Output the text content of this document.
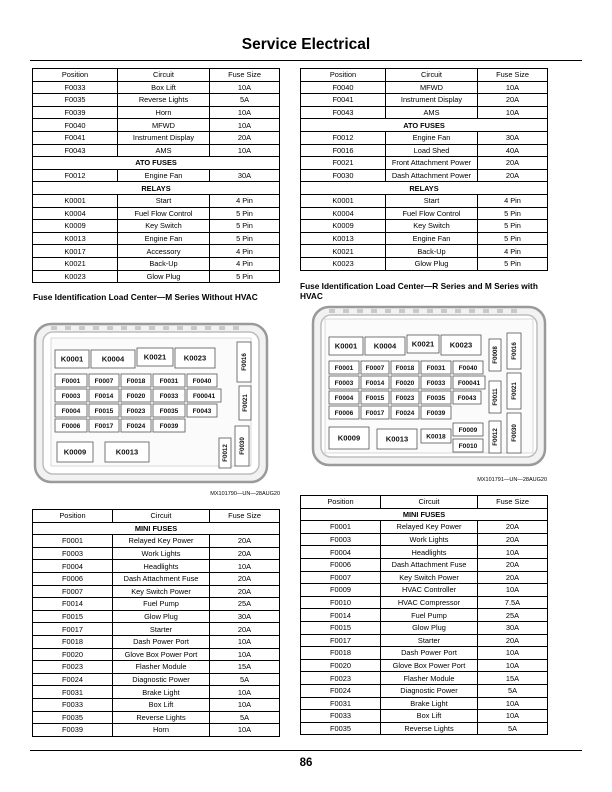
Service Electrical
Position	Circuit	Fuse Size
F0033	Box Lift	10A
F0035	Reverse Lights	5A
F0039	Horn	10A
F0040	MFWD	10A
F0041	Instrument Display	20A
F0043	AMS	10A
ATO FUSES		
F0012	Engine Fan	30A
RELAYS		
K0001	Start	4 Pin
K0004	Fuel Flow Control	5 Pin
K0009	Key Switch	5 Pin
K0013	Engine Fan	5 Pin
K0017	Accessory	4 Pin
K0021	Back-Up	4 Pin
K0023	Glow Plug	5 Pin
Position	Circuit	Fuse Size
F0040	MFWD	10A
F0041	Instrument Display	20A
F0043	AMS	10A
ATO FUSES		
F0012	Engine Fan	30A
F0016	Load Shed	40A
F0021	Front Attachment Power	20A
F0030	Dash Attachment Power	20A
RELAYS		
K0001	Start	4 Pin
K0004	Fuel Flow Control	5 Pin
K0009	Key Switch	5 Pin
K0013	Engine Fan	5 Pin
K0021	Back-Up	4 Pin
K0023	Glow Plug	5 Pin
Fuse Identification Load Center—M Series Without HVAC
Fuse Identification Load Center—R Series and M Series with HVAC
K0001 K0004	K0021 K0023	F0016
F0001 F0007 F0018 F0031 F0040
F0003 F0014 F0020 F0033 F00041
F0004 F0015 F0023 F0035 F0043	F0021
F0006 F0017 F0024 F0039
K0009	K0013	F0012 F0030
MX101790—UN—28AUG20
K0001 K0004 K0021 K0023
F0008 F0016
F0001 F0007 F0018 F0031 F0040
F0003 F0014 F0020 F0033 F00041
F0004 F0015 F0023 F0035 F0043	F0011 F0021
F0006 F0017 F0024 F0039
F0009
K0009	K0013	K0018
F0010
F0012 F0030
MX101791—UN—28AUG20
Position	Circuit	Fuse Size
MINI FUSES		
F0001	Relayed Key Power	20A
F0003	Work Lights	20A
F0004	Headlights	10A
F0006	Dash Attachment Fuse	20A
F0007	Key Switch Power	20A
F0014	Fuel Pump	25A
F0015	Glow Plug	30A
F0017	Starter	20A
F0018	Dash Power Port	10A
F0020	Glove Box Power Port	10A
F0023	Flasher Module	15A
F0024	Diagnostic Power	5A
F0031	Brake Light	10A
F0033	Box Lift	10A
F0035	Reverse Lights	5A
F0039	Horn	10A
Position	Circuit	Fuse Size
MINI FUSES		
F0001	Relayed Key Power	20A
F0003	Work Lights	20A
F0004	Headlights	10A
F0006	Dash Attachment Fuse	20A
F0007	Key Switch Power	20A
F0009	HVAC Controller	10A
F0010	HVAC Compressor	7.5A
F0014	Fuel Pump	25A
F0015	Glow Plug	30A
F0017	Starter	20A
F0018	Dash Power Port	10A
F0020	Glove Box Power Port	10A
F0023	Flasher Module	15A
F0024	Diagnostic Power	5A
F0031	Brake Light	10A
F0033	Box Lift	10A
F0035	Reverse Lights	5A
86
